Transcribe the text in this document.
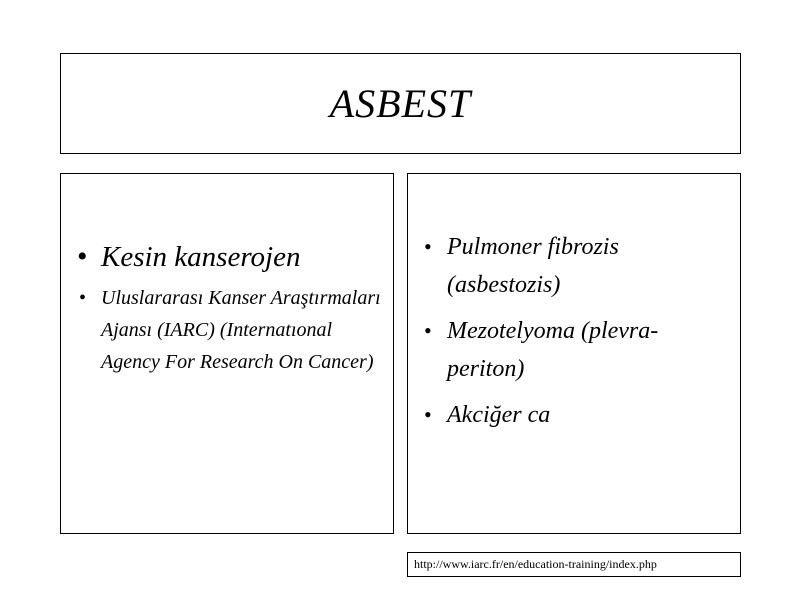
ASBEST
• Kesin kanserojen
• Uluslararası Kanser Araştırmaları Ajansı (IARC) (Internatıonal Agency For Research On Cancer)
• Pulmoner fibrozis (asbestozis)
• Mezotelyoma (plevra-periton)
• Akciğer ca
http://www.iarc.fr/en/education-training/index.php
